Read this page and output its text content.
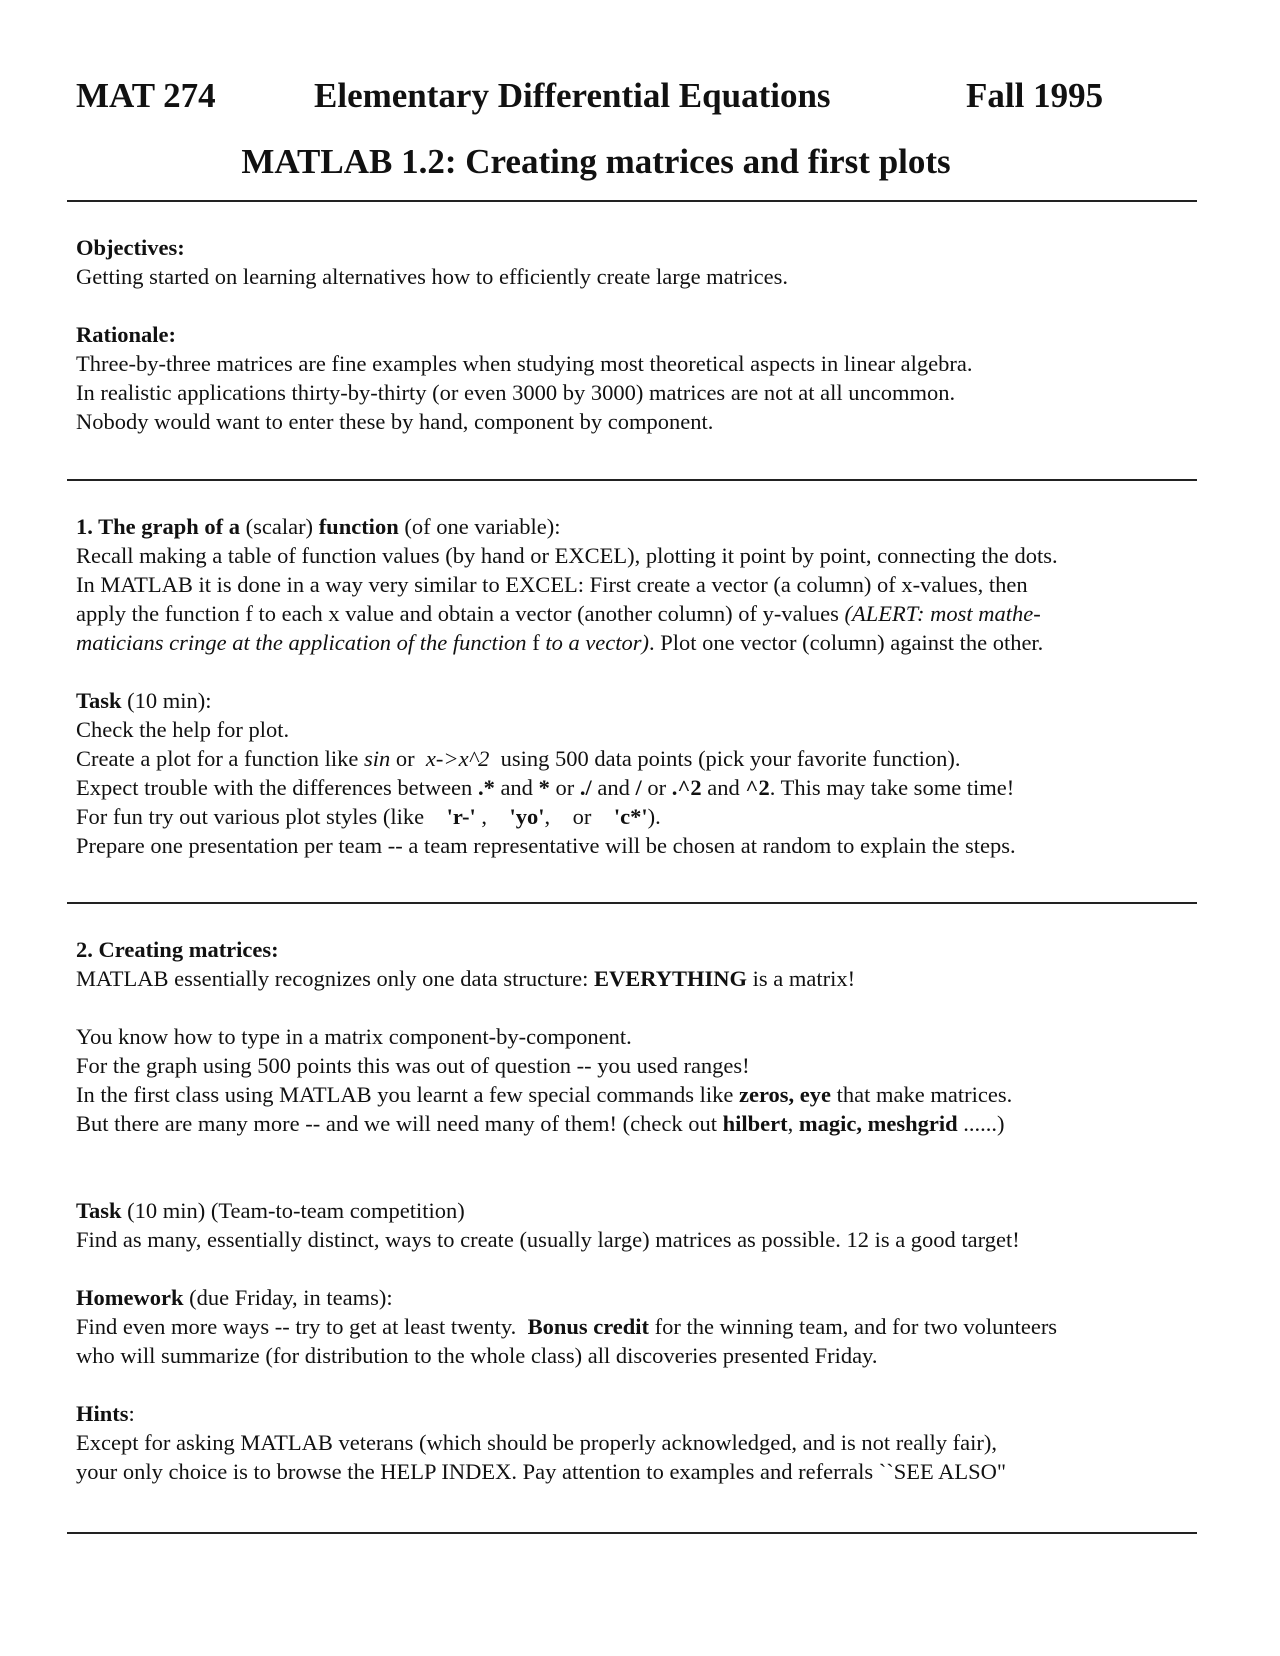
MAT 274	Elementary Differential Equations	Fall 1995
MATLAB 1.2: Creating matrices and first plots
Objectives:
Getting started on learning alternatives how to efficiently create large matrices.
Rationale:
Three-by-three matrices are fine examples when studying most theoretical aspects in linear algebra.
In realistic applications thirty-by-thirty (or even 3000 by 3000) matrices are not at all uncommon.
Nobody would want to enter these by hand, component by component.
1. The graph of a (scalar) function (of one variable):
Recall making a table of function values (by hand or EXCEL), plotting it point by point, connecting the dots.
In MATLAB it is done in a way very similar to EXCEL: First create a vector (a column) of x-values, then
apply the function f to each x value and obtain a vector (another column) of y-values (ALERT: most mathe-
maticians cringe at the application of the function f to a vector). Plot one vector (column) against the other.
Task (10 min):
Check the help for plot.
Create a plot for a function like sin or  x->x^2  using 500 data points (pick your favorite function).
Expect trouble with the differences between .* and * or ./ and / or .^2 and ^2. This may take some time!
For fun try out various plot styles (like    'r-' ,    'yo',    or    'c*').
Prepare one presentation per team -- a team representative will be chosen at random to explain the steps.
2. Creating matrices:
MATLAB essentially recognizes only one data structure: EVERYTHING is a matrix!
You know how to type in a matrix component-by-component.
For the graph using 500 points this was out of question -- you used ranges!
In the first class using MATLAB you learnt a few special commands like zeros, eye that make matrices.
But there are many more -- and we will need many of them! (check out hilbert, magic, meshgrid ......)
Task (10 min) (Team-to-team competition)
Find as many, essentially distinct, ways to create (usually large) matrices as possible. 12 is a good target!
Homework (due Friday, in teams):
Find even more ways -- try to get at least twenty.  Bonus credit for the winning team, and for two volunteers
who will summarize (for distribution to the whole class) all discoveries presented Friday.
Hints:
Except for asking MATLAB veterans (which should be properly acknowledged, and is not really fair),
your only choice is to browse the HELP INDEX. Pay attention to examples and referrals ``SEE ALSO"
